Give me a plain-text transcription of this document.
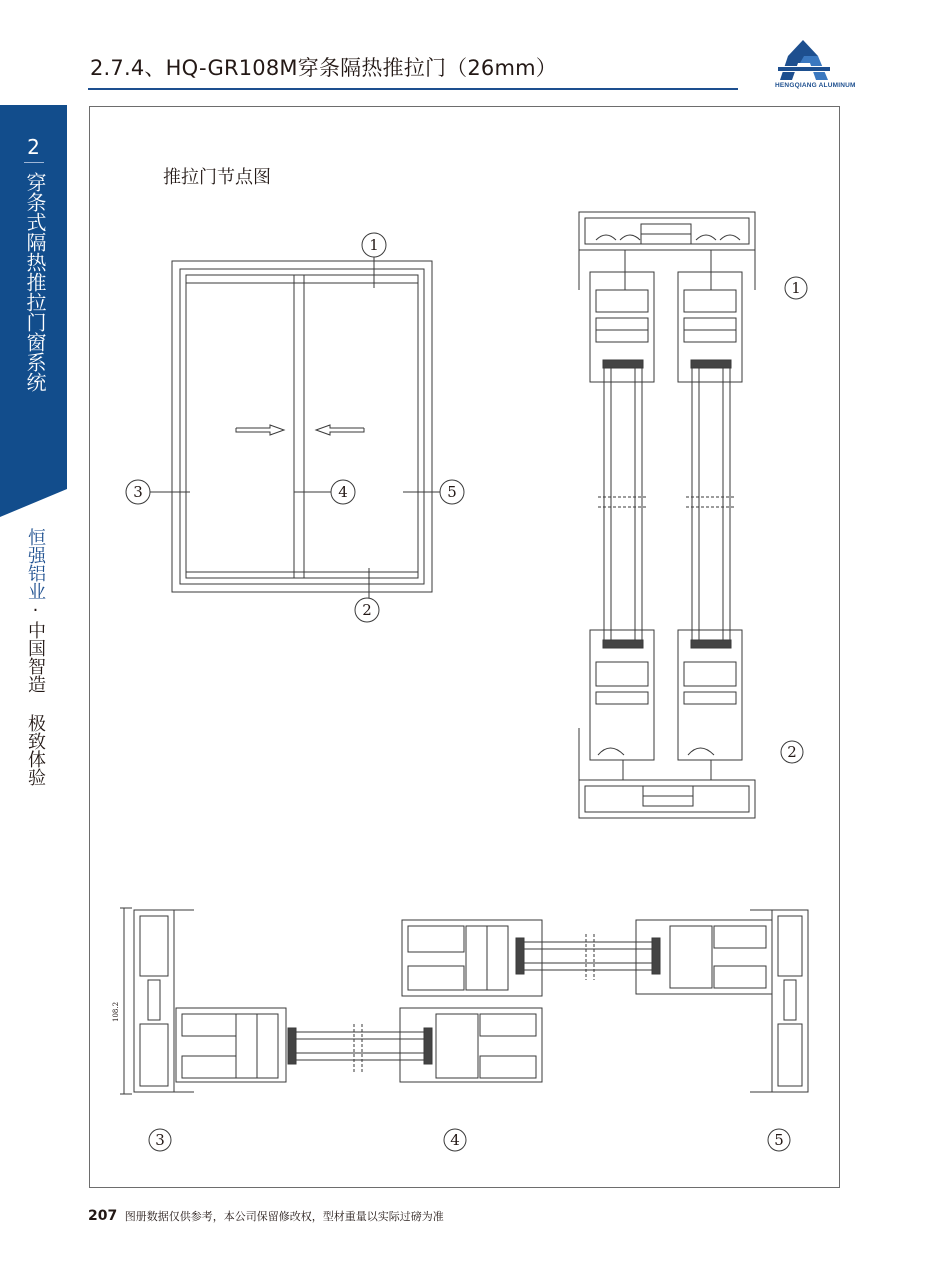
2.7.4、HQ-GR108M穿条隔热推拉门（26mm）
HENGQIANG ALUMINUM
2
穿条式隔热推拉门窗系统
恒强铝业·中国智造 极致体验
推拉门节点图
1
2
3	4	5
1
2
3	4	5
108.2
207 图册数据仅供参考，本公司保留修改权，型材重量以实际过磅为准
